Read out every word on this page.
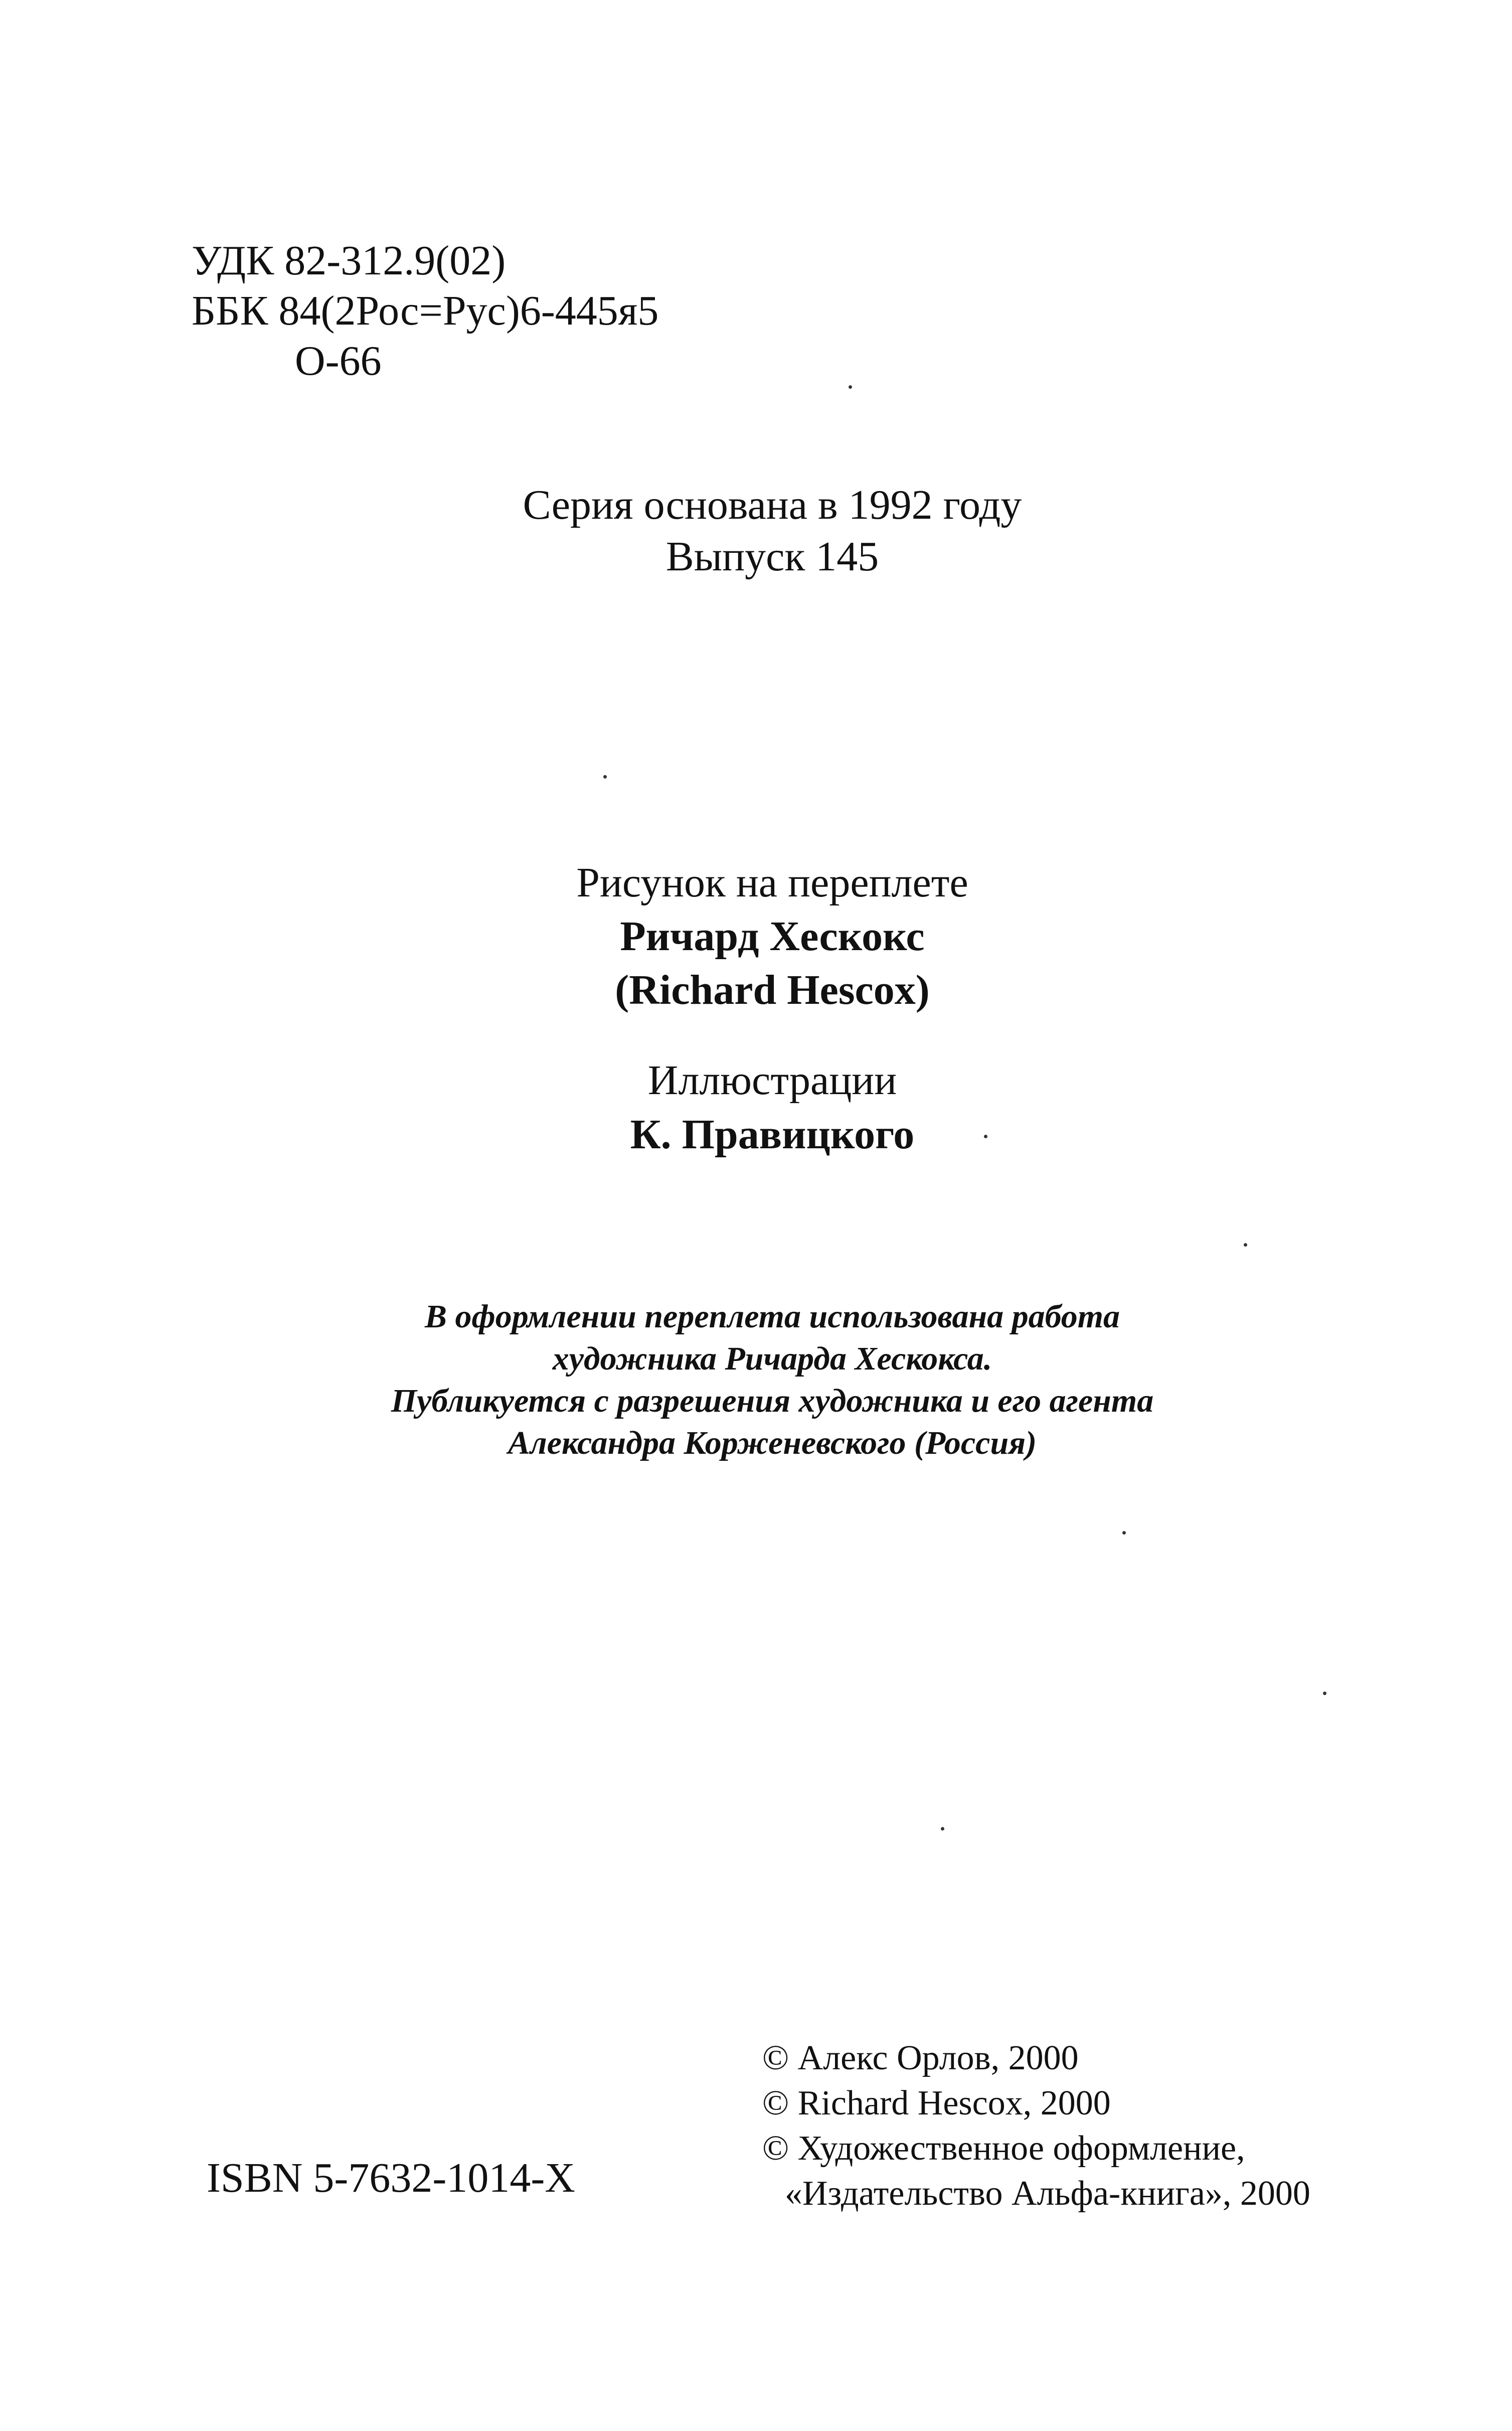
УДК 82-312.9(02)
ББК 84(2Рос=Рус)6-445я5
О-66
Серия основана в 1992 году
Выпуск 145
Рисунок на переплете
Ричард Хескокс
(Richard Hescox)
Иллюстрации
К. Правицкого
В оформлении переплета использована работа
художника Ричарда Хескокса.
Публикуется с разрешения художника и его агента
Александра Корженевского (Россия)
ISBN 5-7632-1014-X
© Алекс Орлов, 2000
© Richard Hescox, 2000
© Художественное оформление,
«Издательство Альфа-книга», 2000
